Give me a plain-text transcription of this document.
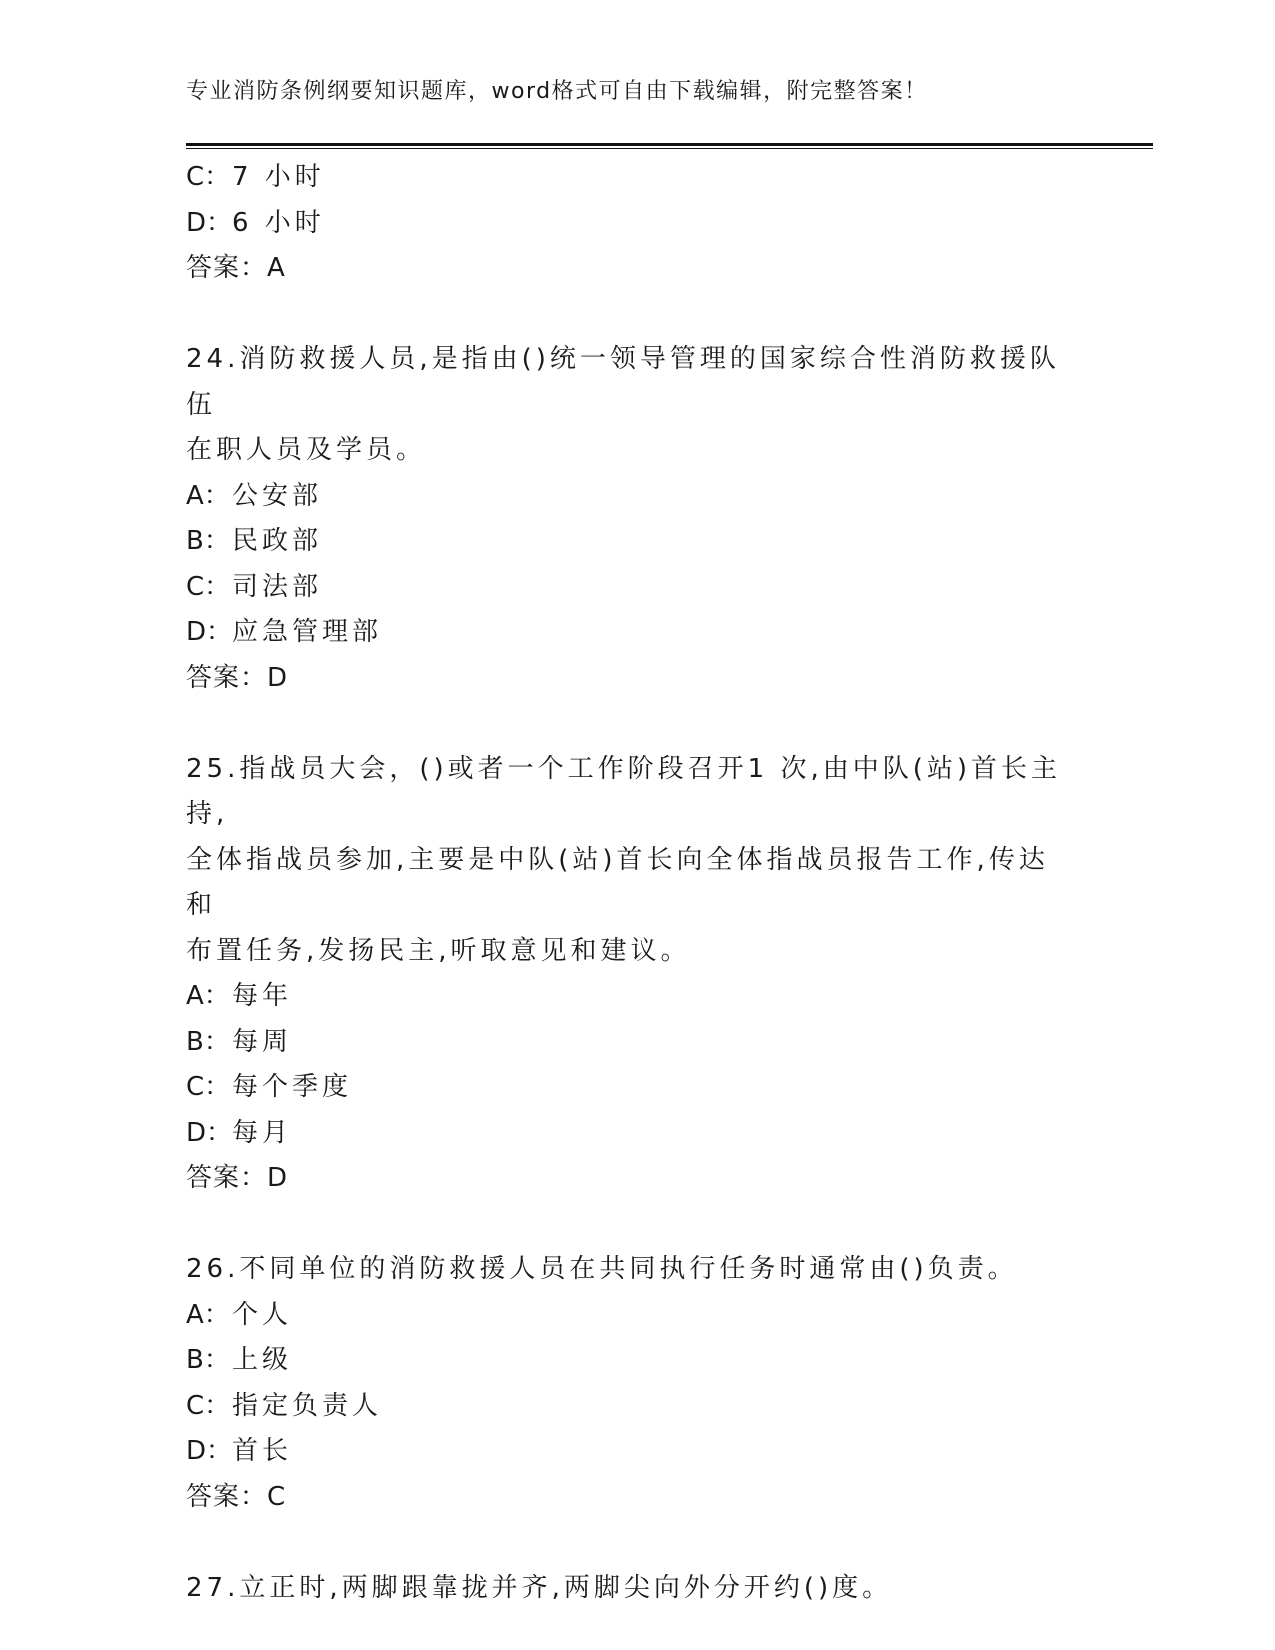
专业消防条例纲要知识题库，word格式可自由下载编辑，附完整答案！
C：7 小时
D：6 小时
答案：A
24.消防救援人员,是指由()统一领导管理的国家综合性消防救援队伍
在职人员及学员。
A：公安部
B：民政部
C：司法部
D：应急管理部
答案：D
25.指战员大会，()或者一个工作阶段召开1 次,由中队(站)首长主持,
全体指战员参加,主要是中队(站)首长向全体指战员报告工作,传达和
布置任务,发扬民主,听取意见和建议。
A：每年
B：每周
C：每个季度
D：每月
答案：D
26.不同单位的消防救援人员在共同执行任务时通常由()负责。
A：个人
B：上级
C：指定负责人
D：首长
答案：C
27.立正时,两脚跟靠拢并齐,两脚尖向外分开约()度。
